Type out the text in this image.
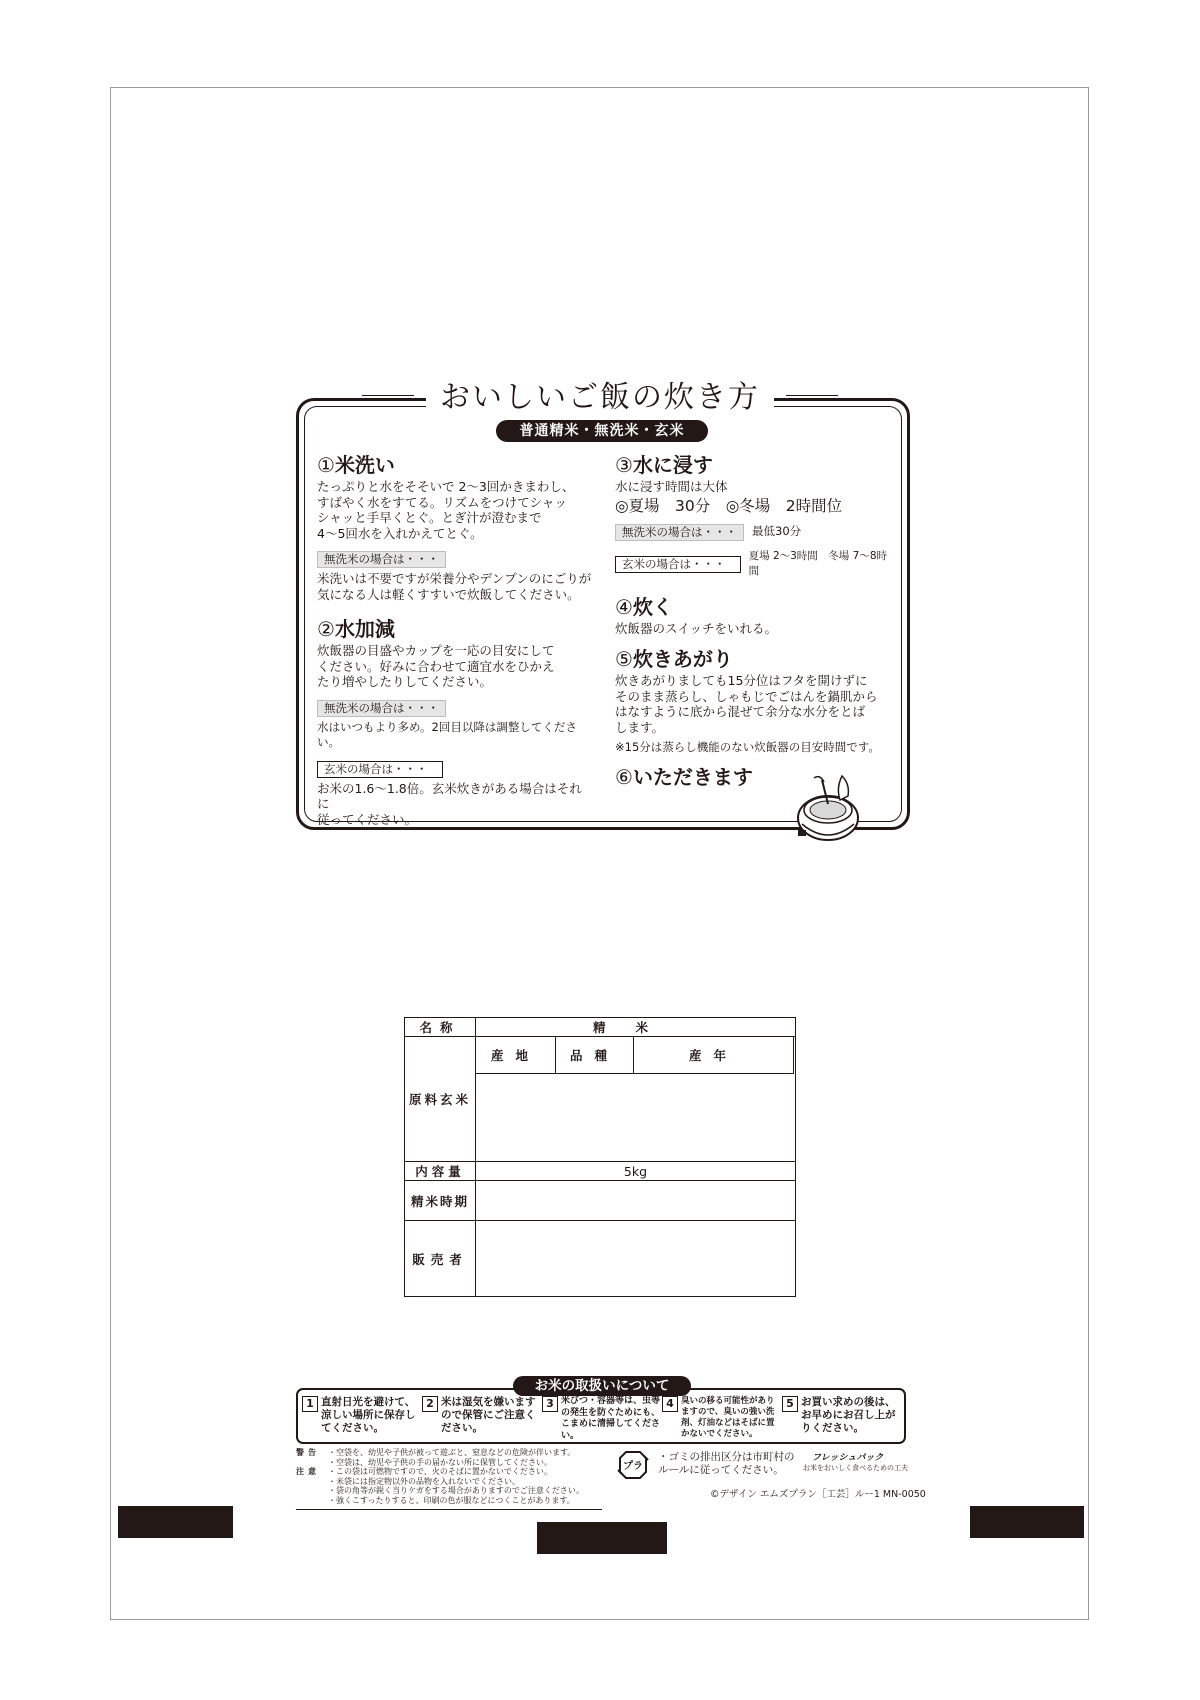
おいしいご飯の炊き方
普通精米・無洗米・玄米
①米洗い

たっぷりと水をそそいで 2～3回かきまわし、

すばやく水をすてる。リズムをつけてシャッ

シャッと手早くとぐ。とぎ汁が澄むまで

4～5回水を入れかえてとぐ。

無洗米の場合は・・・

米洗いは不要ですが栄養分やデンプンのにごりが

気になる人は軽くすすいで炊飯してください。

②水加減

炊飯器の目盛やカップを一応の目安にして

ください。好みに合わせて適宜水をひかえ

たり増やしたりしてください。

無洗米の場合は・・・

水はいつもより多め。2回目以降は調整してください。

玄米の場合は・・・

お米の1.6～1.8倍。玄米炊きがある場合はそれに

従ってください。

③水に浸す

水に浸す時間は大体

◎夏場　30分　◎冬場　2時間位

無洗米の場合は・・・	最低30分
玄米の場合は・・・
夏場 2～3時間　冬場 7～8時間
④炊く

炊飯器のスイッチをいれる。

⑤炊きあがり

炊きあがりましても15分位はフタを開けずに

そのまま蒸らし、しゃもじでごはんを鍋肌から

はなすように底から混ぜて余分な水分をとば

します。

※15分は蒸らし機能のない炊飯器の目安時間です。

⑥いただきます
名称	精米
原料玄米	産地 品種 産年

内容量	5kg
精米時期	
販売者	
お米の取扱いについて
1 直射日光を避けて、涼しい場所に保存してください。
2 米は湿気を嫌いますので保管にご注意ください。
3 米びつ・容器等は、虫等の発生を防ぐためにも、こまめに清掃してください。
4 臭いの移る可能性がありますので、臭いの強い洗剤、灯油などはそばに置かないでください。
5 お買い求めの後は、お早めにお召し上がりください。
警告	・空袋を、幼児や子供が被って遊ぶと、窒息などの危険が伴います。
・空袋は、幼児や子供の手の届かない所に保管してください。
注意	・この袋は可燃物ですので、火のそばに置かないでください。
・米袋には指定物以外の品物を入れないでください。
・袋の角等が鋭く当りケガをする場合がありますのでご注意ください。
・強くこすったりすると、印刷の色が服などにつくことがあります。
プラ
・ゴミの排出区分は市町村の
ルールに従ってください。
フレッシュパック
お米をおいしく食べるための工夫
©デザイン エムズプラン［工芸］ルー1 MN-0050
